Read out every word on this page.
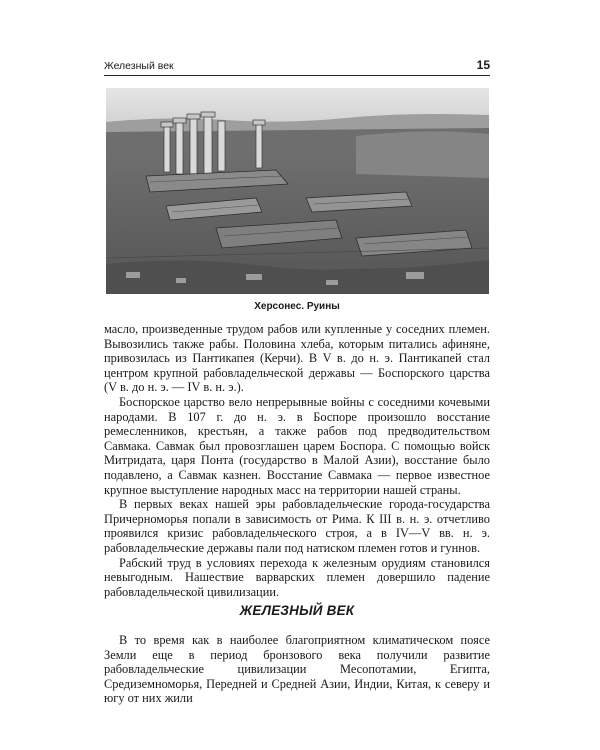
Железный век	15
Херсонес. Руины

масло, произведенные трудом рабов или купленные у соседних племен. Вывозились также рабы. Половина хлеба, которым питались афиняне, привозилась из Пантикапея (Керчи). В V в. до н. э. Пантикапей стал центром крупной рабовладельческой державы — Боспорского царства (V в. до н. э. — IV в. н. э.).

Боспорское царство вело непрерывные войны с соседними кочевыми народами. В 107 г. до н. э. в Боспоре произошло восстание ремесленников, крестьян, а также рабов под предводительством Савмака. Савмак был провозглашен царем Боспора. С помощью войск Митридата, царя Понта (государство в Малой Азии), восстание было подавлено, а Савмак казнен. Восстание Савмака — первое известное крупное выступление народных масс на территории нашей страны.

В первых веках нашей эры рабовладельческие города-государства Причерноморья попали в зависимость от Рима. К III в. н. э. отчетливо проявился кризис рабовладельческого строя, а в IV—V вв. н. э. рабовладельческие державы пали под натиском племен готов и гуннов.

Рабский труд в условиях перехода к железным орудиям становился невыгодным. Нашествие варварских племен довершило падение рабовладельческой цивилизации.

ЖЕЛЕЗНЫЙ ВЕК

В то время как в наиболее благоприятном климатическом поясе Земли еще в период бронзового века получили развитие рабовладельческие цивилизации Месопотамии, Египта, Средиземноморья, Передней и Средней Азии, Индии, Китая, к северу и югу от них жили
